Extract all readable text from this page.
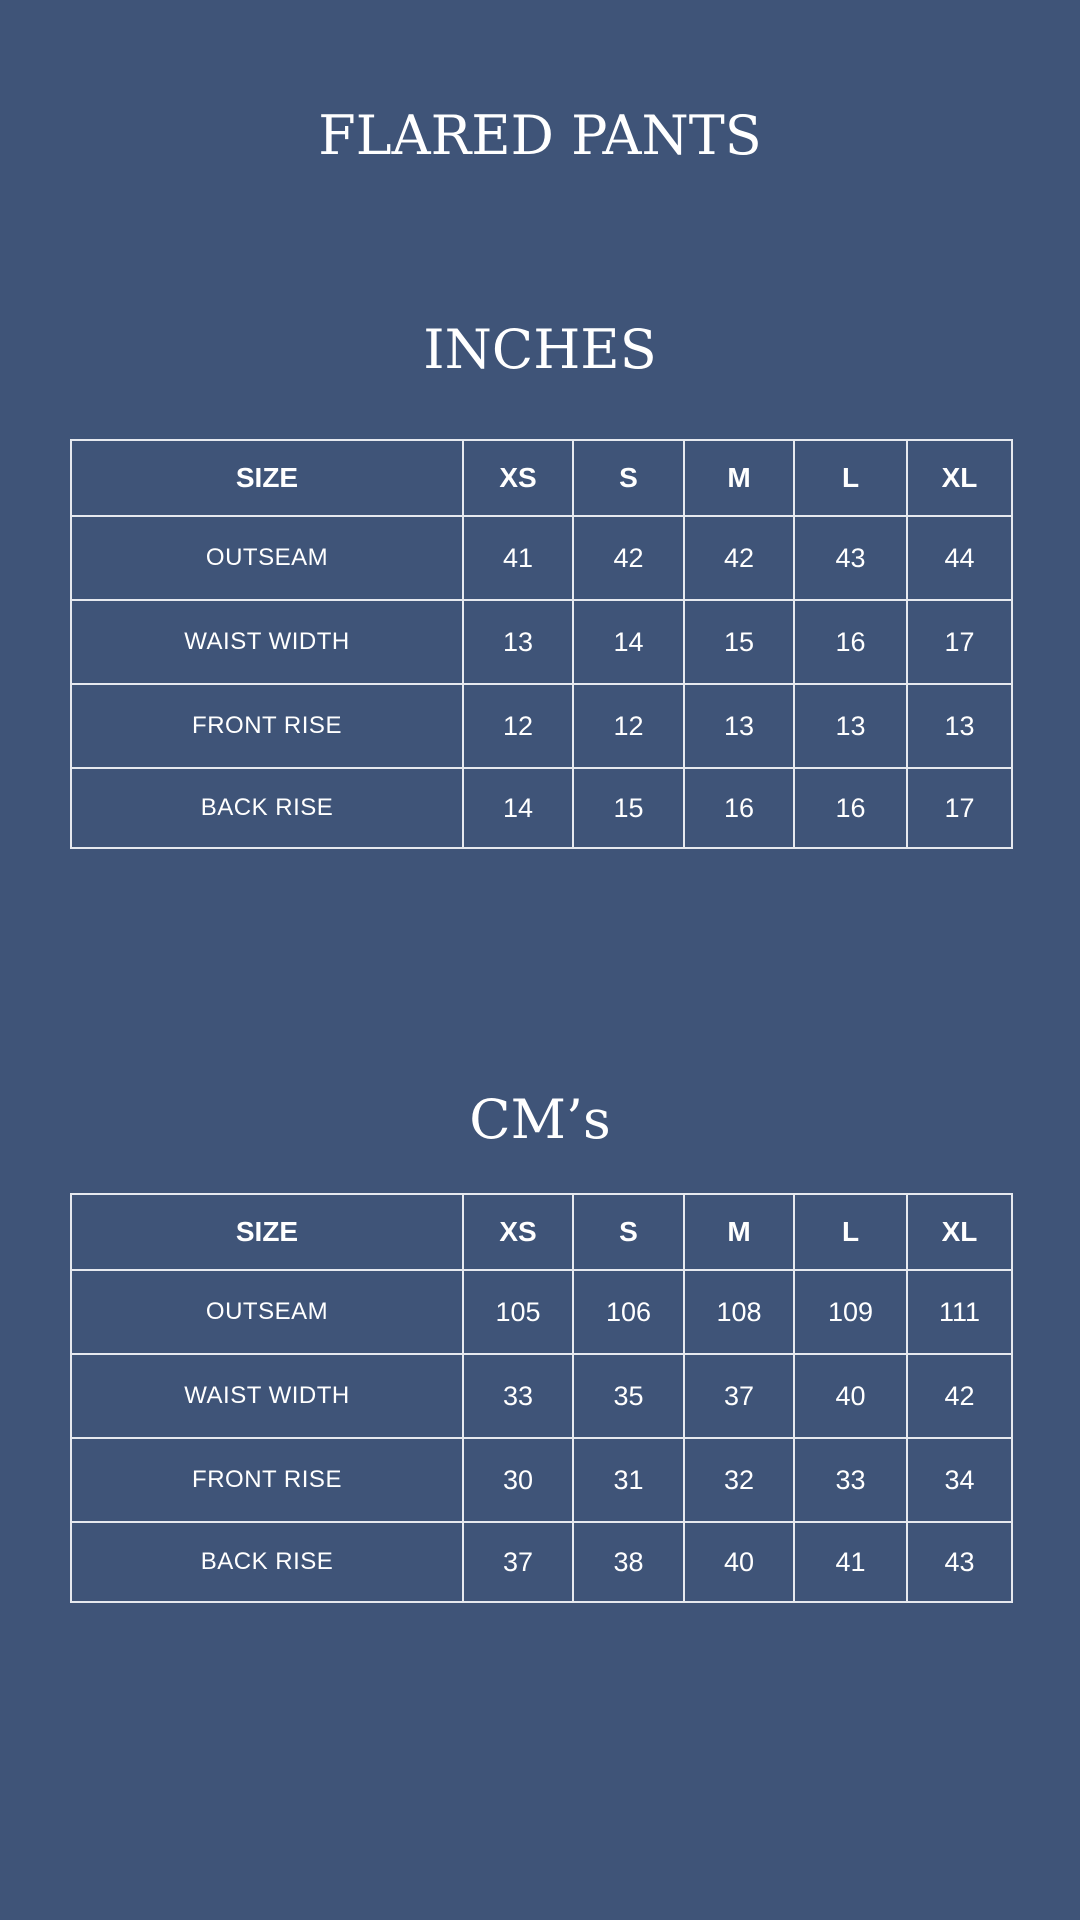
FLARED PANTS
INCHES
SIZE	XS	S	M	L	XL
OUTSEAM	41	42	42	43	44
WAIST WIDTH	13	14	15	16	17
FRONT RISE	12	12	13	13	13
BACK RISE	14	15	16	16	17
CM’s
SIZE	XS	S	M	L	XL
OUTSEAM	105	106	108	109	111
WAIST WIDTH	33	35	37	40	42
FRONT RISE	30	31	32	33	34
BACK RISE	37	38	40	41	43
